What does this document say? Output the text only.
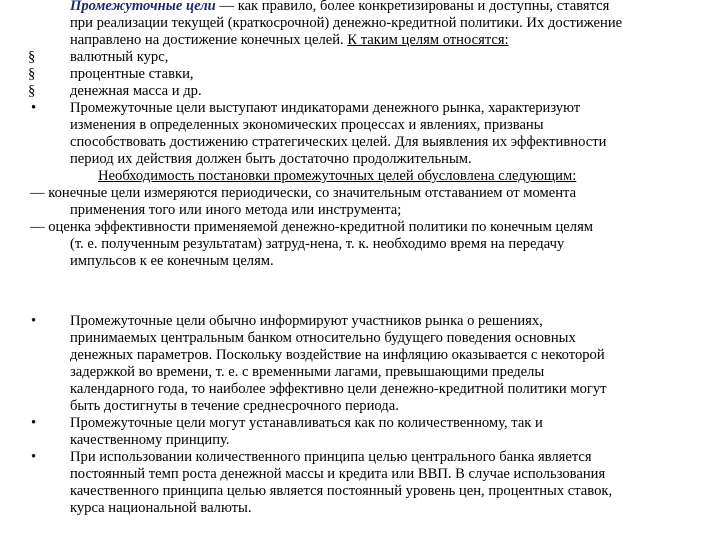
Промежуточные цели — как правило, более конкретизированы и доступны, ставятся
при реализации текущей (краткосрочной) денежно-кредитной политики. Их достижение
направлено на достижение конечных целей. К таким целям относятся:
§ валютный курс,
§ процентные ставки,
§ денежная масса и др.
• Промежуточные цели выступают индикаторами денежного рынка, характеризуют
изменения в определенных экономических процессах и явлениях, призваны
способствовать достижению стратегических целей. Для выявления их эффективности
период их действия должен быть достаточно продолжительным.
Необходимость постановки промежуточных целей обусловлена следующим:
— конечные цели измеряются периодически, со значительным отставанием от момента
применения того или иного метода или инструмента;
— оценка эффективности применяемой денежно-кредитной политики по конечным целям
(т. е. полученным результатам) затруд-нена, т. к. необходимо время на передачу
импульсов к ее конечным целям.
• Промежуточные цели обычно информируют участников рынка о решениях,
принимаемых центральным банком относительно будущего поведения основных
денежных параметров. Поскольку воздействие на инфляцию оказывается с некоторой
задержкой во времени, т. е. с временными лагами, превышающими пределы
календарного года, то наиболее эффективно цели денежно-кредитной политики могут
быть достигнуты в течение среднесрочного периода.
• Промежуточные цели могут устанавливаться как по количественному, так и
качественному принципу.
• При использовании количественного принципа целью центрального банка является
постоянный темп роста денежной массы и кредита или ВВП. В случае использования
качественного принципа целью является постоянный уровень цен, процентных ставок,
курса национальной валюты.
